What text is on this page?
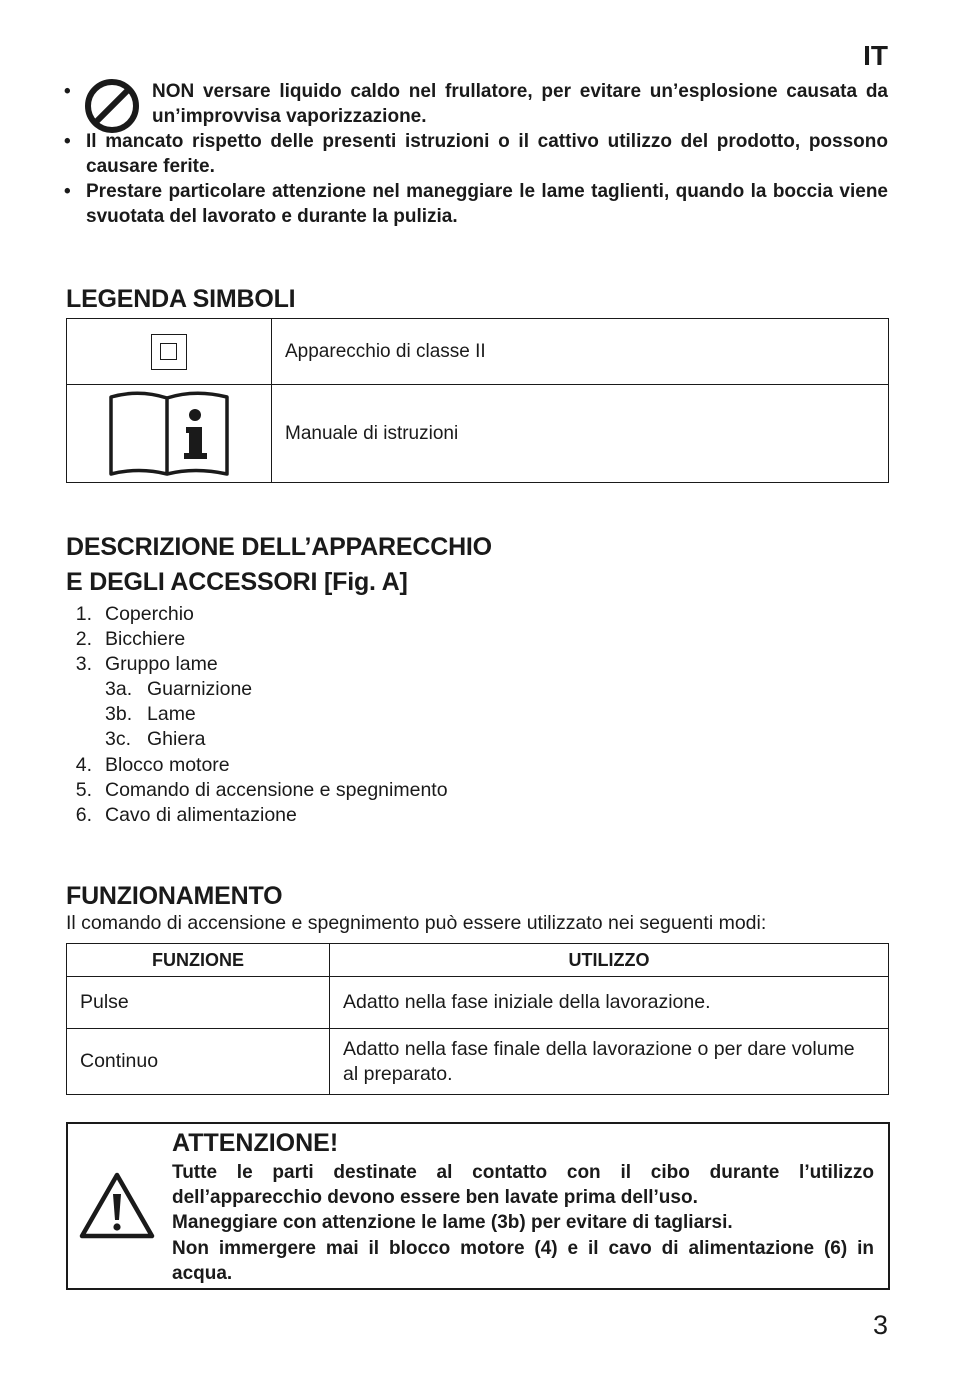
IT
•	NON versare liquido caldo nel frullatore, per evitare un’esplosione causata da un’improvvisa vaporizzazione.
• Il mancato rispetto delle presenti istruzioni o il cattivo utilizzo del prodotto, possono causare ferite.
• Prestare particolare attenzione nel maneggiare le lame taglienti, quando la boccia viene svuotata del lavorato e durante la pulizia.
LEGENDA SIMBOLI
	Apparecchio di classe II

	Manuale di istruzioni
DESCRIZIONE DELL’APPARECCHIO
E DEGLI ACCESSORI [Fig. A]
1. Coperchio
2. Bicchiere
3. Gruppo lame
3a. Guarnizione
3b. Lame
3c. Ghiera
4. Blocco motore
5. Comando di accensione e spegnimento
6. Cavo di alimentazione
FUNZIONAMENTO
Il comando di accensione e spegnimento può essere utilizzato nei seguenti modi:
FUNZIONE	UTILIZZO
Pulse	Adatto nella fase iniziale della lavorazione.
Continuo	Adatto nella fase finale della lavorazione o per dare volume al preparato.
ATTENZIONE!

Tutte le parti destinate al contatto con il cibo durante l’utilizzo dell’apparecchio devono essere ben lavate prima dell’uso.

Maneggiare con attenzione le lame (3b) per evitare di tagliarsi.

Non immergere mai il blocco motore (4) e il cavo di alimentazione (6) in acqua.

3
